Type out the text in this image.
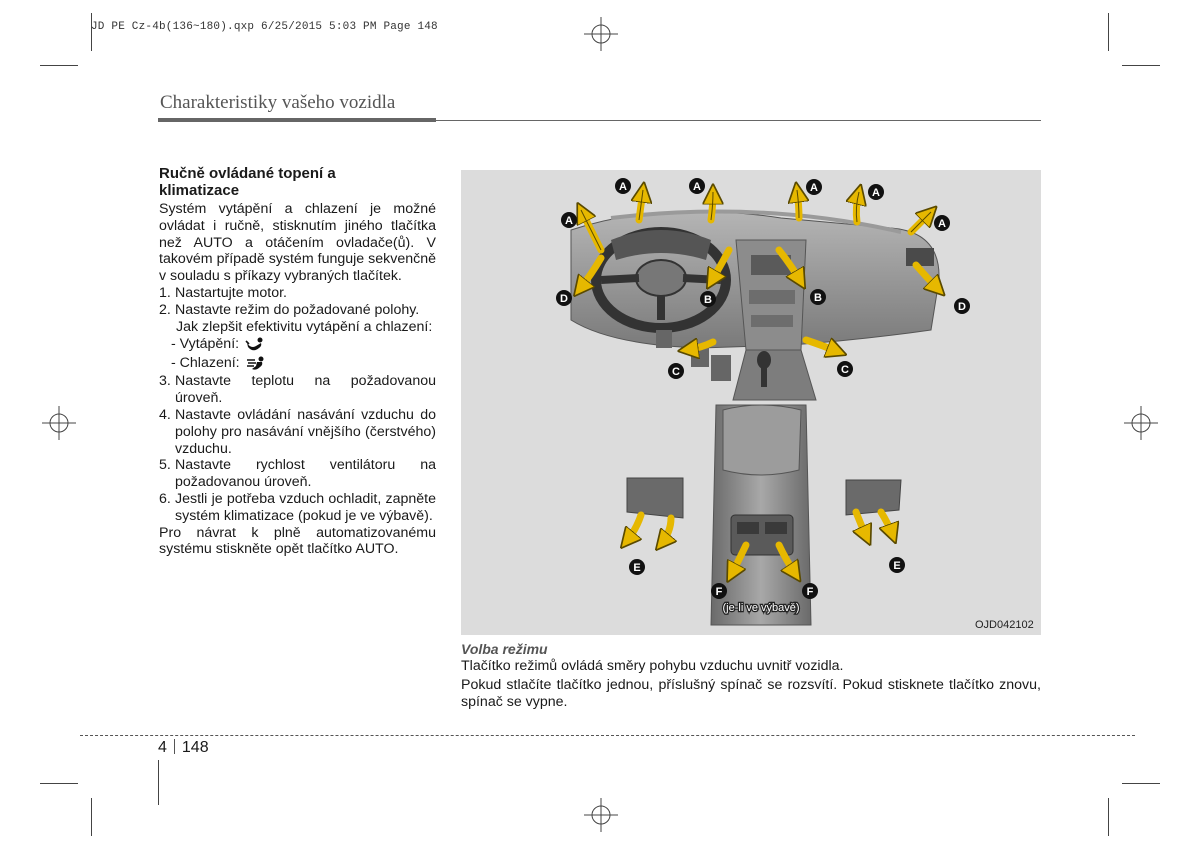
JD PE Cz-4b(136~180).qxp 6/25/2015 5:03 PM Page 148
Charakteristiky vašeho vozidla
Ručně ovládané topení a
klimatizace

Systém vytápění a chlazení je možné ovládat i ručně, stisknutím jiného tlačítka než AUTO a otáčením ovladače(ů). V takovém případě systém funguje sekvenčně v souladu s příkazy vybraných tlačítek.

1. Nastartujte motor.
2. Nastavte režim do požadované polohy.
Jak zlepšit efektivitu vytápění a chlazení:
- Vytápění:
- Chlazení:
3. Nastavte teplotu na požadovanou úroveň.
4. Nastavte ovládání nasávání vzduchu do polohy pro nasávání vnějšího (čerstvého) vzduchu.
5. Nastavte rychlost ventilátoru na požadovanou úroveň.
6. Jestli je potřeba vzduch ochladit, zapněte systém klimatizace (pokud je ve výbavě).

Pro návrat k plně automatizovanému systému stiskněte opět tlačítko AUTO.

A
A	A	A	A
A
B	B
C	C
D
D
E	E
F	F
(je-li ve výbavě)
OJD042102
Volba režimu

Tlačítko režimů ovládá směry pohybu vzduchu uvnitř vozidla.

Pokud stlačíte tlačítko jednou, příslušný spínač se rozsvítí. Pokud stisknete tlačítko znovu, spínač se vypne.

4 148
